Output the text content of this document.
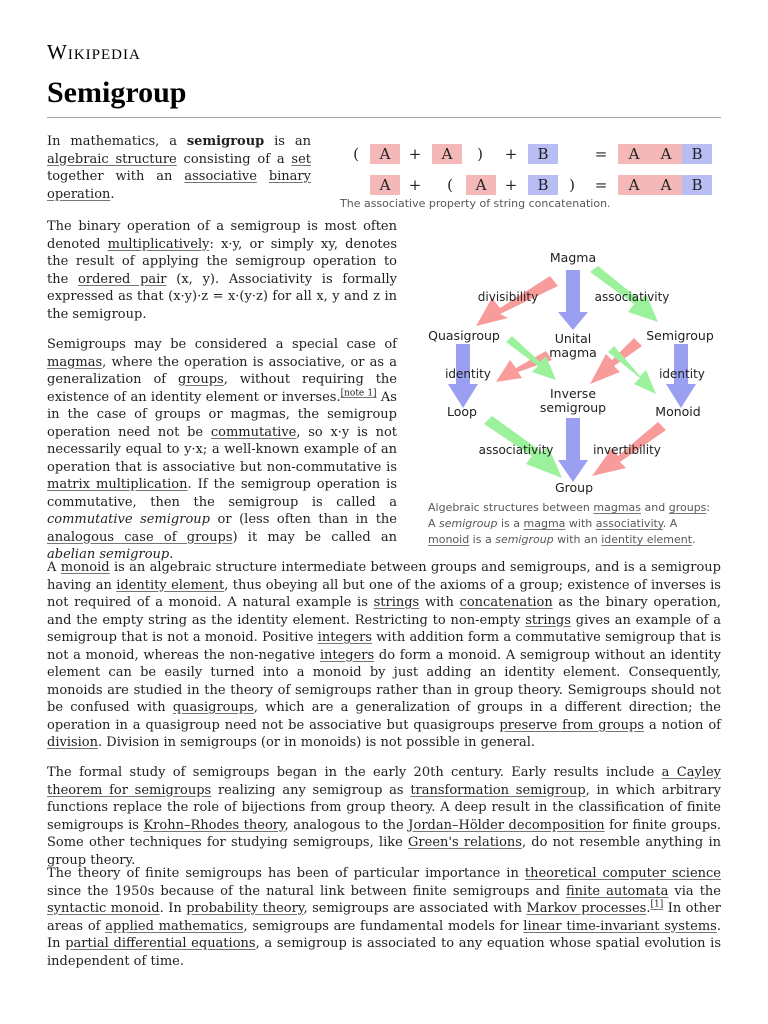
Wikipedia
Semigroup

In mathematics, a semigroup is an algebraic structure consisting of a set together with an associative binary operation.

(	A	+	A	)	+	B	=	A	A	B
A	+	(	A	+	B	)	=	A	A	B

The associative property of string concatenation.

The binary operation of a semigroup is most often denoted multiplicatively: x·y, or simply xy, denotes the result of applying the semigroup operation to the ordered pair (x, y). Associativity is formally expressed as that (x·y)·z = x·(y·z) for all x, y and z in the semigroup.

Semigroups may be considered a special case of magmas, where the operation is associative, or as a generalization of groups, without requiring the existence of an identity element or inverses.[note 1] As in the case of groups or magmas, the semigroup operation need not be commutative, so x·y is not necessarily equal to y·x; a well-known example of an operation that is associative but non-commutative is matrix multiplication. If the semigroup operation is commutative, then the semigroup is called a commutative semigroup or (less often than in the analogous case of groups) it may be called an abelian semigroup.

Magma
Quasigroup	Semigroup
Unital
magma
Inverse
semigroup
Loop	Monoid
Group
divisibility	associativity
identity	identity
associativity	invertibility

Algebraic structures between magmas and groups: A semigroup is a magma with associativity. A monoid is a semigroup with an identity element.

A monoid is an algebraic structure intermediate between groups and semigroups, and is a semigroup having an identity element, thus obeying all but one of the axioms of a group; existence of inverses is not required of a monoid. A natural example is strings with concatenation as the binary operation, and the empty string as the identity element. Restricting to non-empty strings gives an example of a semigroup that is not a monoid. Positive integers with addition form a commutative semigroup that is not a monoid, whereas the non-negative integers do form a monoid. A semigroup without an identity element can be easily turned into a monoid by just adding an identity element. Consequently, monoids are studied in the theory of semigroups rather than in group theory. Semigroups should not be confused with quasigroups, which are a generalization of groups in a different direction; the operation in a quasigroup need not be associative but quasigroups preserve from groups a notion of division. Division in semigroups (or in monoids) is not possible in general.

The formal study of semigroups began in the early 20th century. Early results include a Cayley theorem for semigroups realizing any semigroup as transformation semigroup, in which arbitrary functions replace the role of bijections from group theory. A deep result in the classification of finite semigroups is Krohn–Rhodes theory, analogous to the Jordan–Hölder decomposition for finite groups. Some other techniques for studying semigroups, like Green's relations, do not resemble anything in group theory.

The theory of finite semigroups has been of particular importance in theoretical computer science since the 1950s because of the natural link between finite semigroups and finite automata via the syntactic monoid. In probability theory, semigroups are associated with Markov processes.[1] In other areas of applied mathematics, semigroups are fundamental models for linear time-invariant systems. In partial differential equations, a semigroup is associated to any equation whose spatial evolution is independent of time.
